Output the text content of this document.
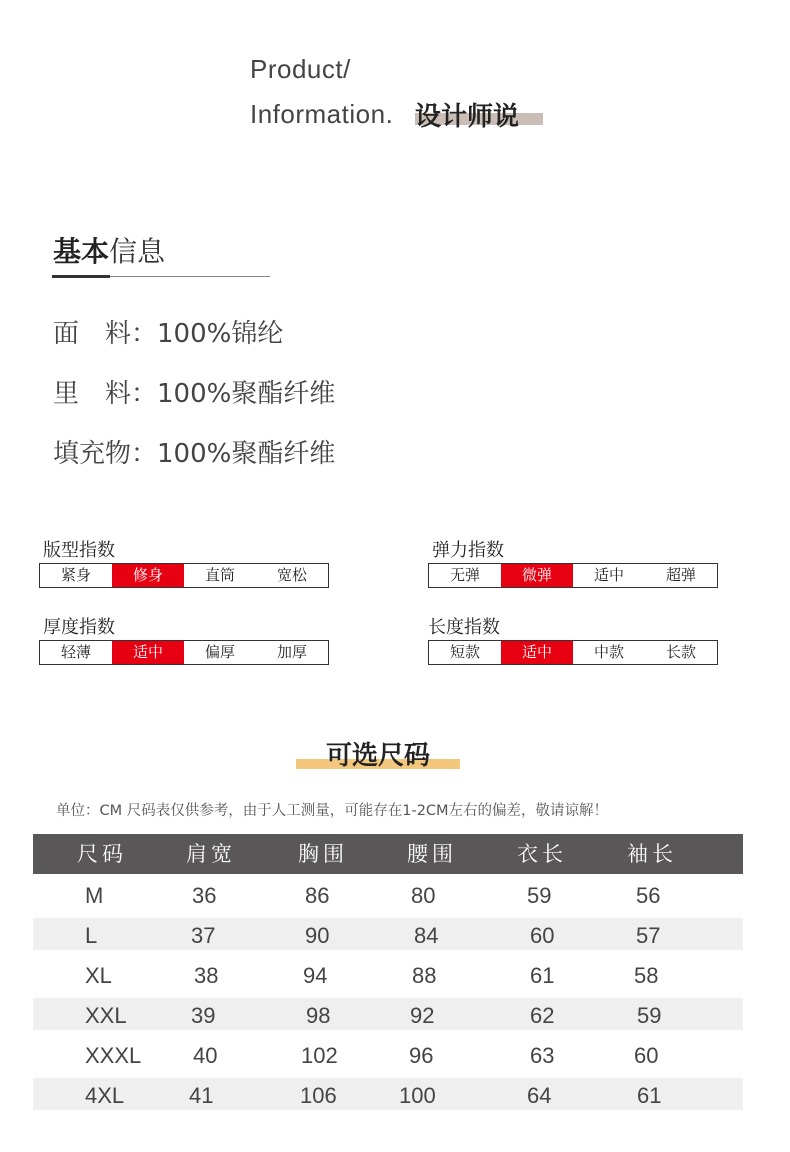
Product/
Information. 设计师说
基本信息
面　料：100%锦纶
里　料：100%聚酯纤维
填充物：100%聚酯纤维
版型指数
紧身	修身	直筒	宽松
弹力指数
无弹	微弹	适中	超弹
厚度指数
轻薄	适中	偏厚	加厚
长度指数
短款	适中	中款	长款
可选尺码
单位：CM 尺码表仅供参考，由于人工测量，可能存在1-2CM左右的偏差，敬请谅解！
尺码	肩宽	胸围	腰围	衣长	袖长
M	36	86	80	59	56
L	37	90	84	60	57
XL	38	94	88	61	58
XXL	39	98	92	62	59
XXXL 40	102	96	63	60
4XL	41	106	100	64	61
